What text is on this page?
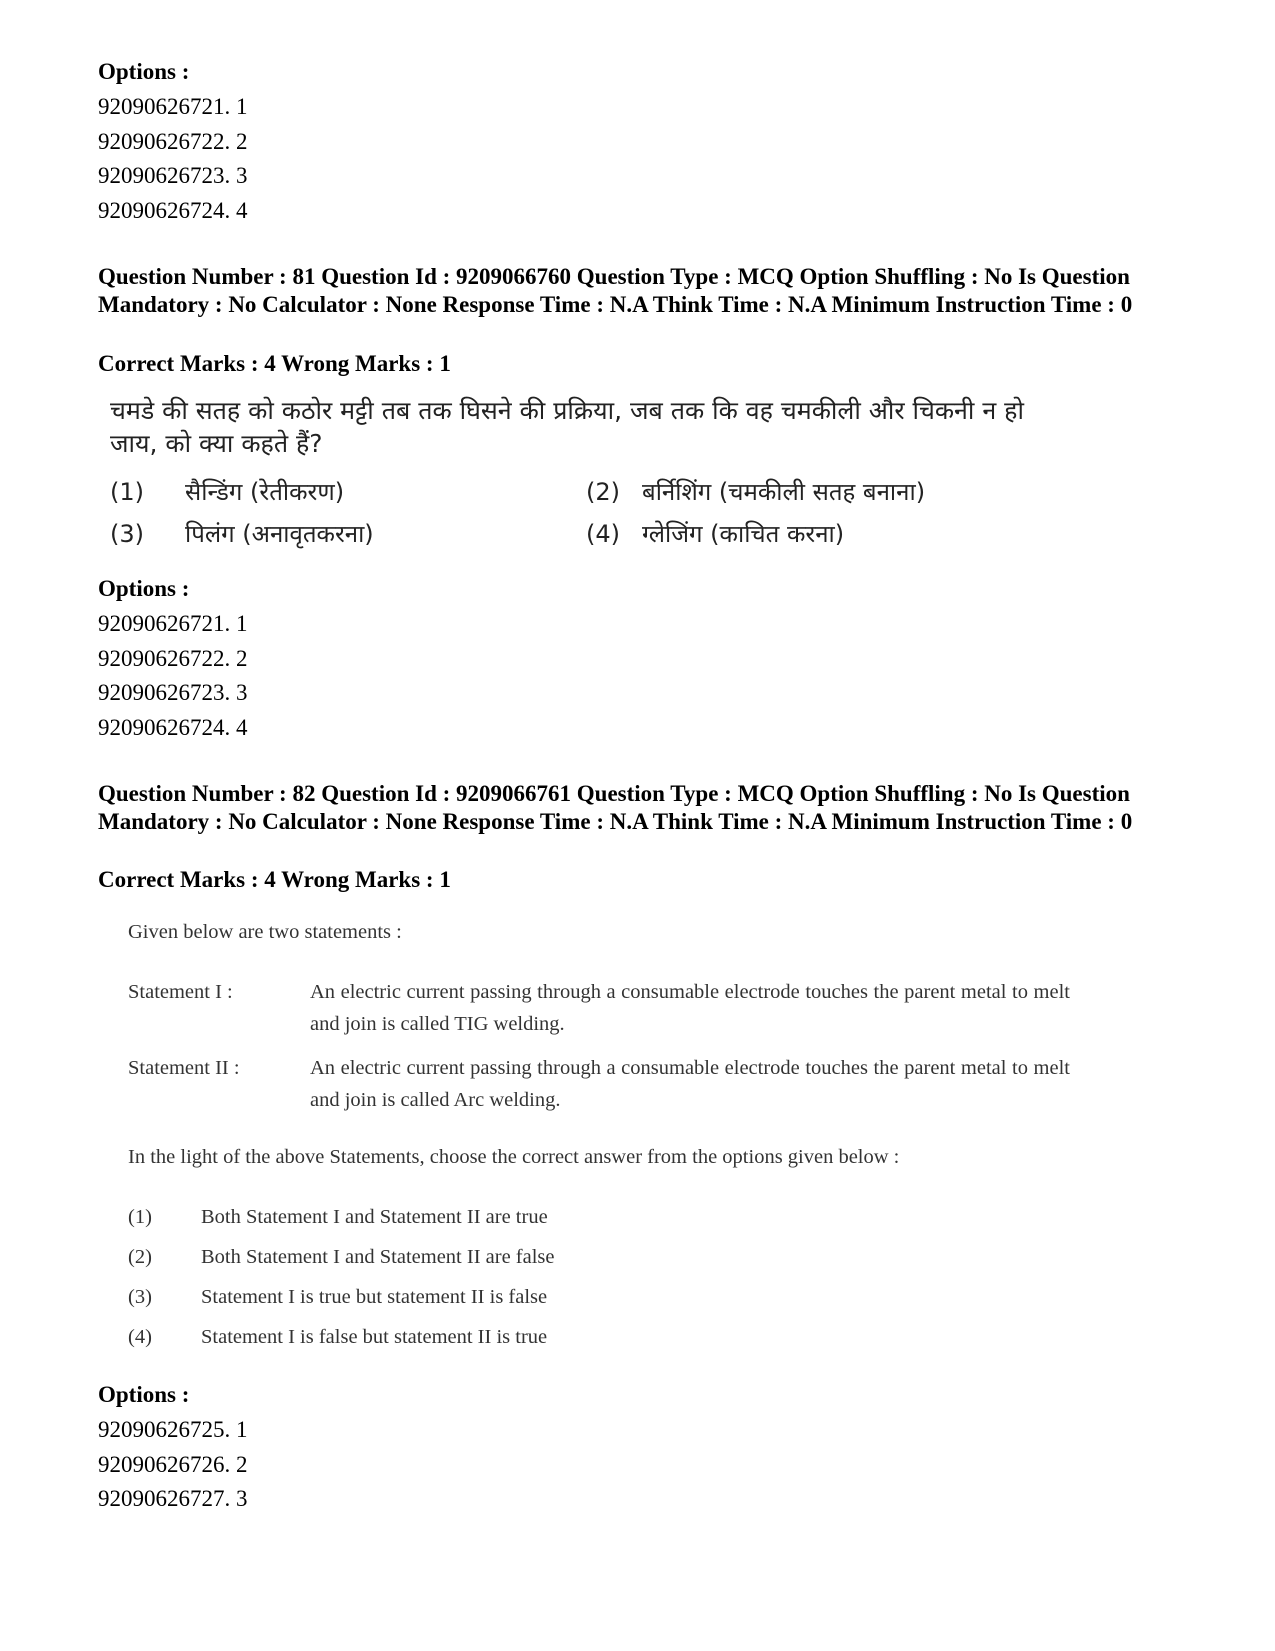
Options :
92090626721. 1
92090626722. 2
92090626723. 3
92090626724. 4
Question Number : 81 Question Id : 9209066760 Question Type : MCQ Option Shuffling : No Is Question Mandatory : No Calculator : None Response Time : N.A Think Time : N.A Minimum Instruction Time : 0
Correct Marks : 4 Wrong Marks : 1
चमडे की सतह को कठोर मट्टी तब तक घिसने की प्रक्रिया, जब तक कि वह चमकीली और चिकनी न हो
जाय, को क्या कहते हैं?
(1) सैन्डिंग (रेतीकरण)	(2) बर्निशिंग (चमकीली सतह बनाना)
(3) पिलंग (अनावृतकरना)	(4) ग्लेजिंग (काचित करना)
Options :
92090626721. 1
92090626722. 2
92090626723. 3
92090626724. 4
Question Number : 82 Question Id : 9209066761 Question Type : MCQ Option Shuffling : No Is Question Mandatory : No Calculator : None Response Time : N.A Think Time : N.A Minimum Instruction Time : 0
Correct Marks : 4 Wrong Marks : 1
Given below are two statements :
Statement I :	An electric current passing through a consumable electrode touches the parent metal to melt and join is called TIG welding.
Statement II :	An electric current passing through a consumable electrode touches the parent metal to melt and join is called Arc welding.
In the light of the above Statements, choose the correct answer from the options given below :
(1) Both Statement I and Statement II are true
(2) Both Statement I and Statement II are false
(3) Statement I is true but statement II is false
(4) Statement I is false but statement II is true
Options :
92090626725. 1
92090626726. 2
92090626727. 3
